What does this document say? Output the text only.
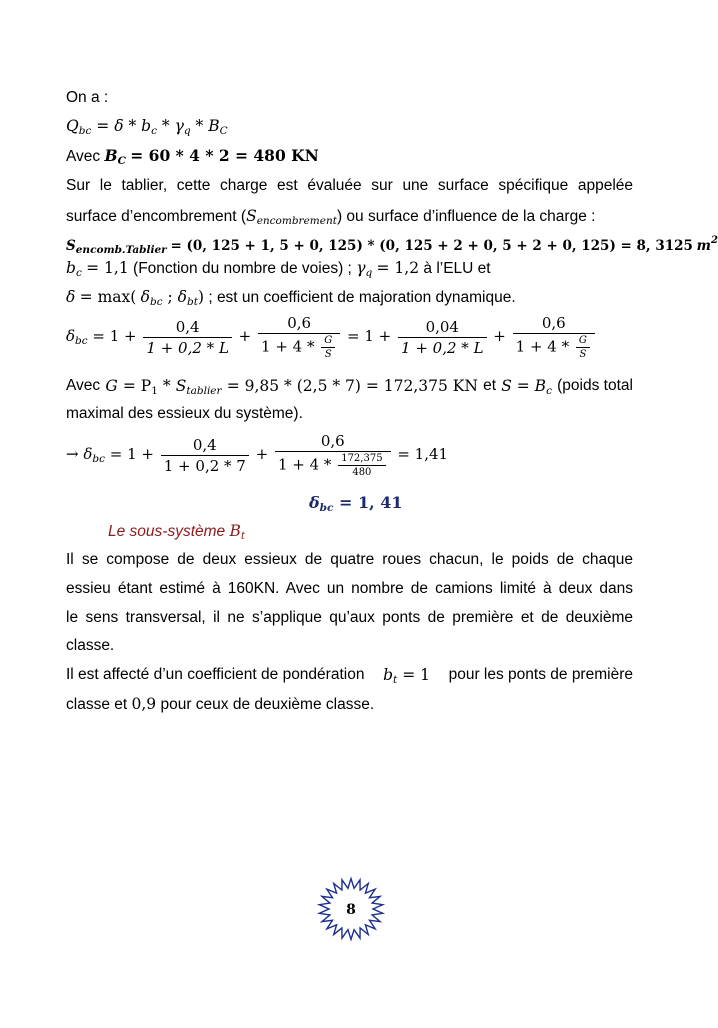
On a :
$Q_{bc} = \delta * b_c * \gamma_q * B_C$
Avec $B_C = 60 * 4 * 2 = 480$ KN
Sur le tablier, cette charge est évaluée sur une surface spécifique appelée
surface d’encombrement $(S_{encombrement})$ ou surface d’influence de la charge :
$S_{encomb.Tablier} = (0$, 125 + 1, 5 + 0, 125) * (0, 125 + 2 + 0, 5 + 2 + 0, 125) = 8, 3125 $m^2$
$b_c = 1,1$ (Fonction du nombre de voies) ; $\gamma_q = 1,2$ à l’ELU et
δ = max( $\delta_{bc}$ ; $\delta_{bt}$) ; est un coefficient de majoration dynamique.
$\delta_{bc} = 1 + \frac{0,4}{1 + 0,2 * L} + \frac{0,6}{1 + 4 * \frac{G}{S}} = 1 + \frac{0,04}{1 + 0,2 * L} + \frac{0,6}{1 + 4 * \frac{G}{S}}$
Avec $G = P_1 * S_{tablier} = 9,85 * (2,5 * 7) = 172,375$ KN et $S = B_c$ (poids total
maximal des essieux du système).
→ $\delta_{bc} = 1 + \frac{0,4}{1 + 0,2 * 7} + \frac{0,6}{1 + 4 * \frac{172,375}{480}} = 1,41$
$\delta_{bc} = 1$, 41
Le sous-système $B_t$
Il se compose de deux essieux de quatre roues chacun, le poids de chaque
essieu étant estimé à 160KN. Avec un nombre de camions limité à deux dans
le sens transversal, il ne s’applique qu’aux ponts de première et de deuxième
classe.
Il est affecté d’un coefficient de pondération $b_t = 1$ pour les ponts de première
classe et 0,9 pour ceux de deuxième classe.
8
